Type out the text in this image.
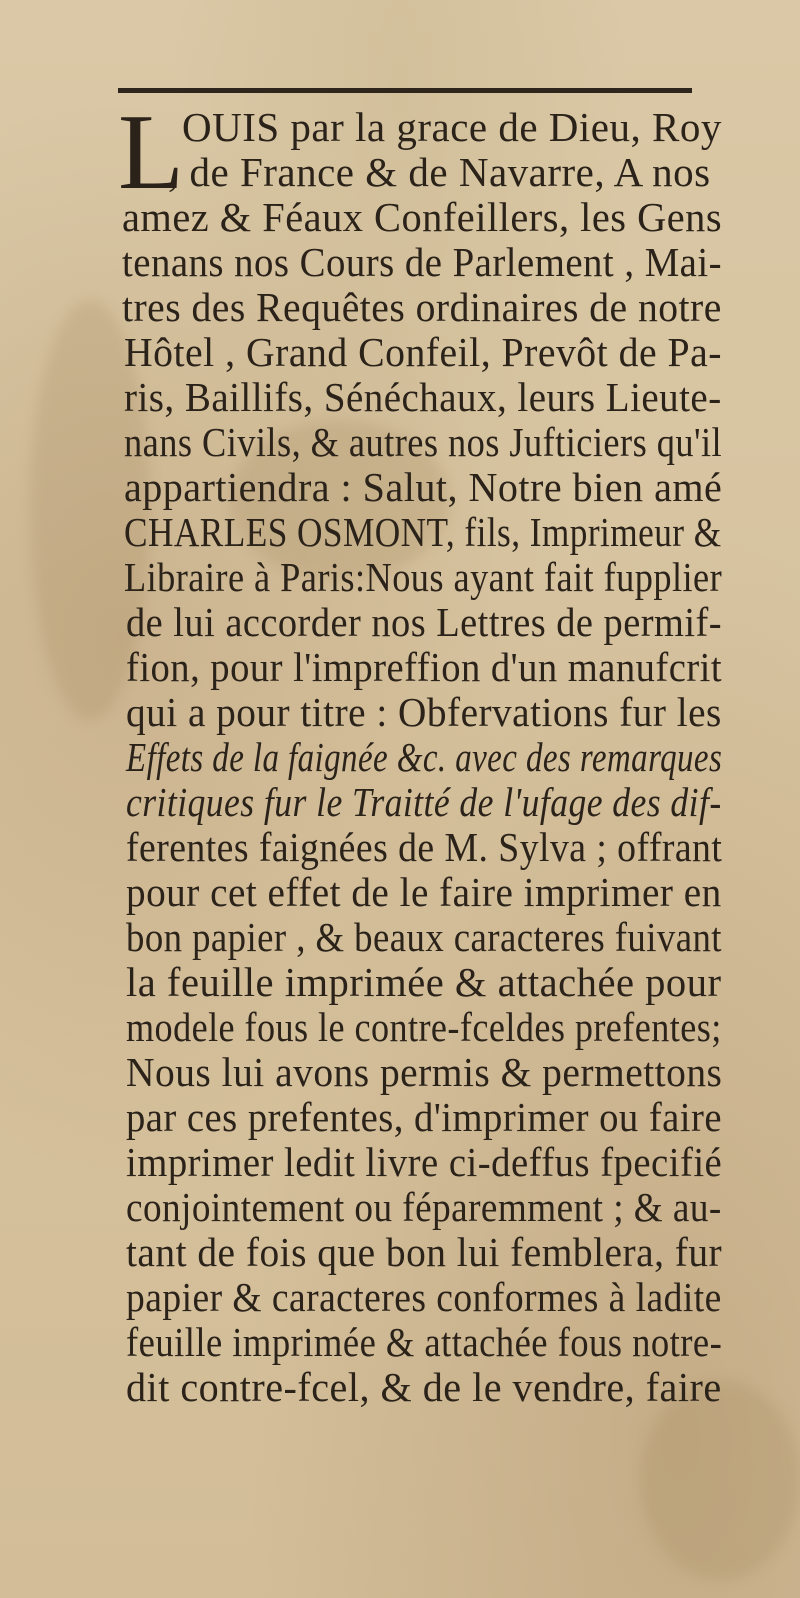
L
OUIS par la grace de Dieu, Roy
, de France & de Navarre, A nos
amez & Féaux Confeillers, les Gens
tenans nos Cours de Parlement , Mai-
tres des Requêtes ordinaires de notre
Hôtel , Grand Confeil, Prevôt de Pa-
ris, Baillifs, Sénéchaux, leurs Lieute-
nans Civils, & autres nos Jufticiers qu'il
appartiendra : Salut, Notre bien amé
CHARLES OSMONT, fils, Imprimeur &
Libraire à Paris:Nous ayant fait fupplier
de lui accorder nos Lettres de permif-
fion, pour l'impreffion d'un manufcrit
qui a pour titre : Obfervations fur les
Effets de la faignée &c. avec des remarques
critiques fur le Traitté de l'ufage des dif-
ferentes faignées de M. Sylva ; offrant
pour cet effet de le faire imprimer en
bon papier , & beaux caracteres fuivant
la feuille imprimée & attachée pour
modele fous le contre-fceldes prefentes;
Nous lui avons permis & permettons
par ces prefentes, d'imprimer ou faire
imprimer ledit livre ci-deffus fpecifié
conjointement ou féparemment ; & au-
tant de fois que bon lui femblera, fur
papier & caracteres conformes à ladite
feuille imprimée & attachée fous notre-
dit contre-fcel, & de le vendre, faire
